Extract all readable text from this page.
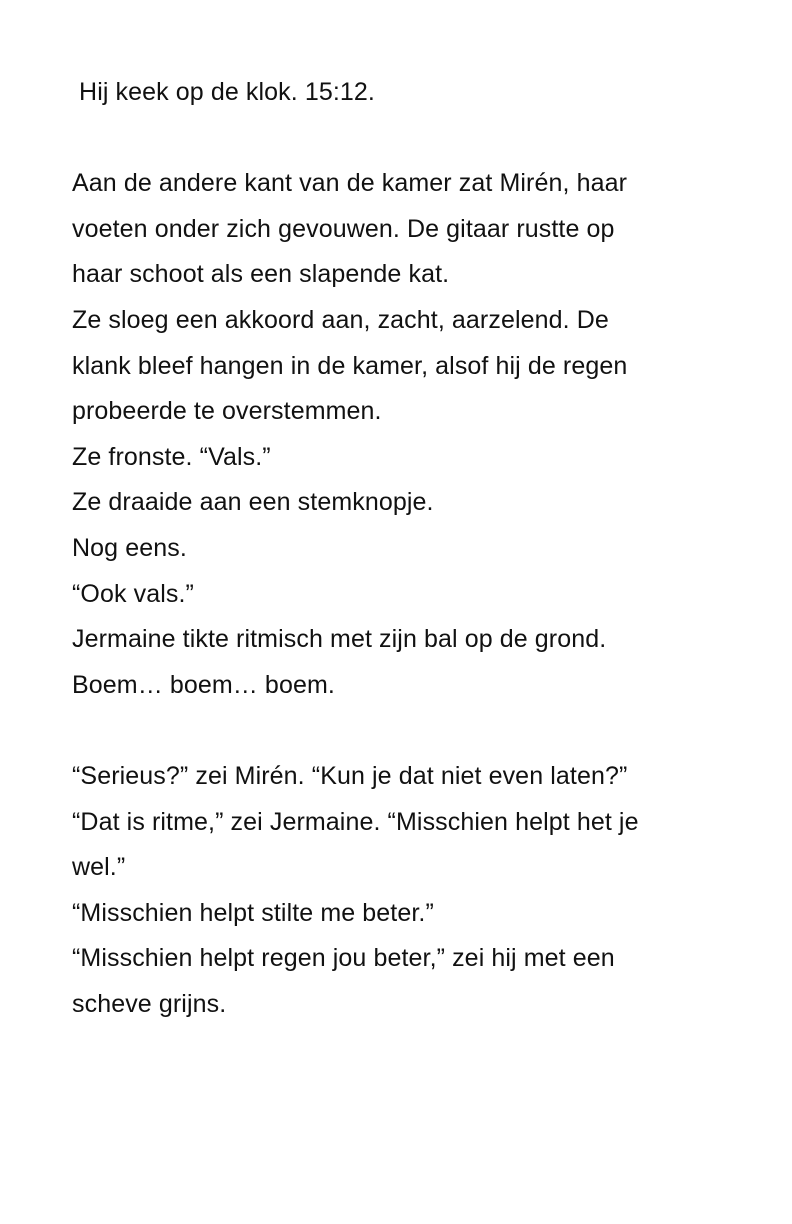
Hij keek op de klok. 15:12.
Aan de andere kant van de kamer zat Mirén, haar
voeten onder zich gevouwen. De gitaar rustte op
haar schoot als een slapende kat.
Ze sloeg een akkoord aan, zacht, aarzelend. De
klank bleef hangen in de kamer, alsof hij de regen
probeerde te overstemmen.
Ze fronste. “Vals.”
Ze draaide aan een stemknopje.
Nog eens.
“Ook vals.”
Jermaine tikte ritmisch met zijn bal op de grond.
Boem… boem… boem.
“Serieus?” zei Mirén. “Kun je dat niet even laten?”
“Dat is ritme,” zei Jermaine. “Misschien helpt het je
wel.”
“Misschien helpt stilte me beter.”
“Misschien helpt regen jou beter,” zei hij met een
scheve grijns.
